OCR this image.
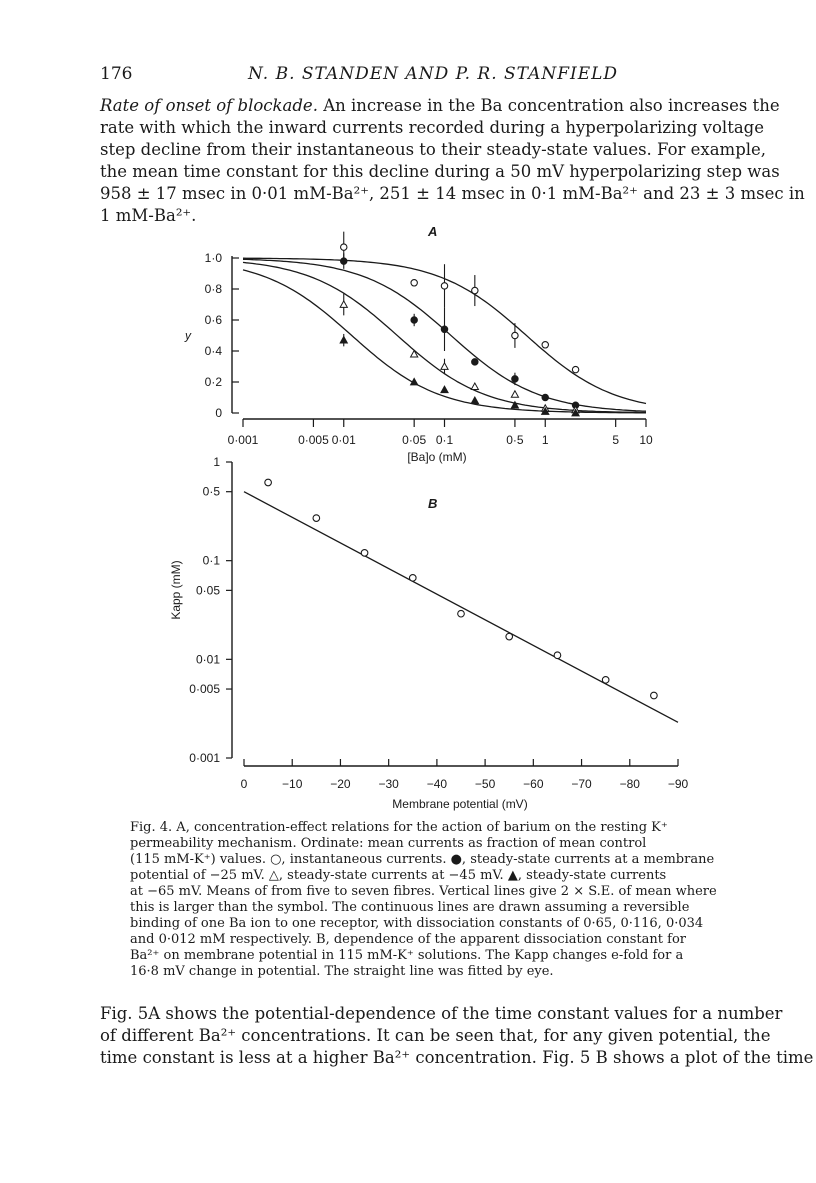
176	N. B. STANDEN AND P. R. STANFIELD

Rate of onset of blockade. An increase in the Ba concentration also increases the
rate with which the inward currents recorded during a hyperpolarizing voltage
step decline from their instantaneous to their steady-state values. For example,
the mean time constant for this decline during a 50 mV hyperpolarizing step was
958 ± 17 msec in 0·01 mM-Ba²⁺, 251 ± 14 msec in 0·1 mM-Ba²⁺ and 23 ± 3 msec in
1 mM-Ba²⁺.

A
0
0·2
0·4
0·6
0·8
1·0
y
0·001	0·005 0·01	0·05 0·1	0·5 1	5 10
[Ba]o (mM)
B
0·001
0·005
0·01
0·05
0·1
0·5
1
Kapp (mM)
0	−10 −20 −30 −40 −50 −60 −70 −80 −90
Membrane potential (mV)

Fig. 4. A, concentration-effect relations for the action of barium on the resting K⁺
permeability mechanism. Ordinate: mean currents as fraction of mean control
(115 mM-K⁺) values. ○, instantaneous currents. ●, steady-state currents at a membrane
potential of −25 mV. △, steady-state currents at −45 mV. ▲, steady-state currents
at −65 mV. Means of from five to seven fibres. Vertical lines give 2 × S.E. of mean where
this is larger than the symbol. The continuous lines are drawn assuming a reversible
binding of one Ba ion to one receptor, with dissociation constants of 0·65, 0·116, 0·034
and 0·012 mM respectively. B, dependence of the apparent dissociation constant for
Ba²⁺ on membrane potential in 115 mM-K⁺ solutions. The Kapp changes e-fold for a
16·8 mV change in potential. The straight line was fitted by eye.

Fig. 5A shows the potential-dependence of the time constant values for a number
of different Ba²⁺ concentrations. It can be seen that, for any given potential, the
time constant is less at a higher Ba²⁺ concentration. Fig. 5 B shows a plot of the time
